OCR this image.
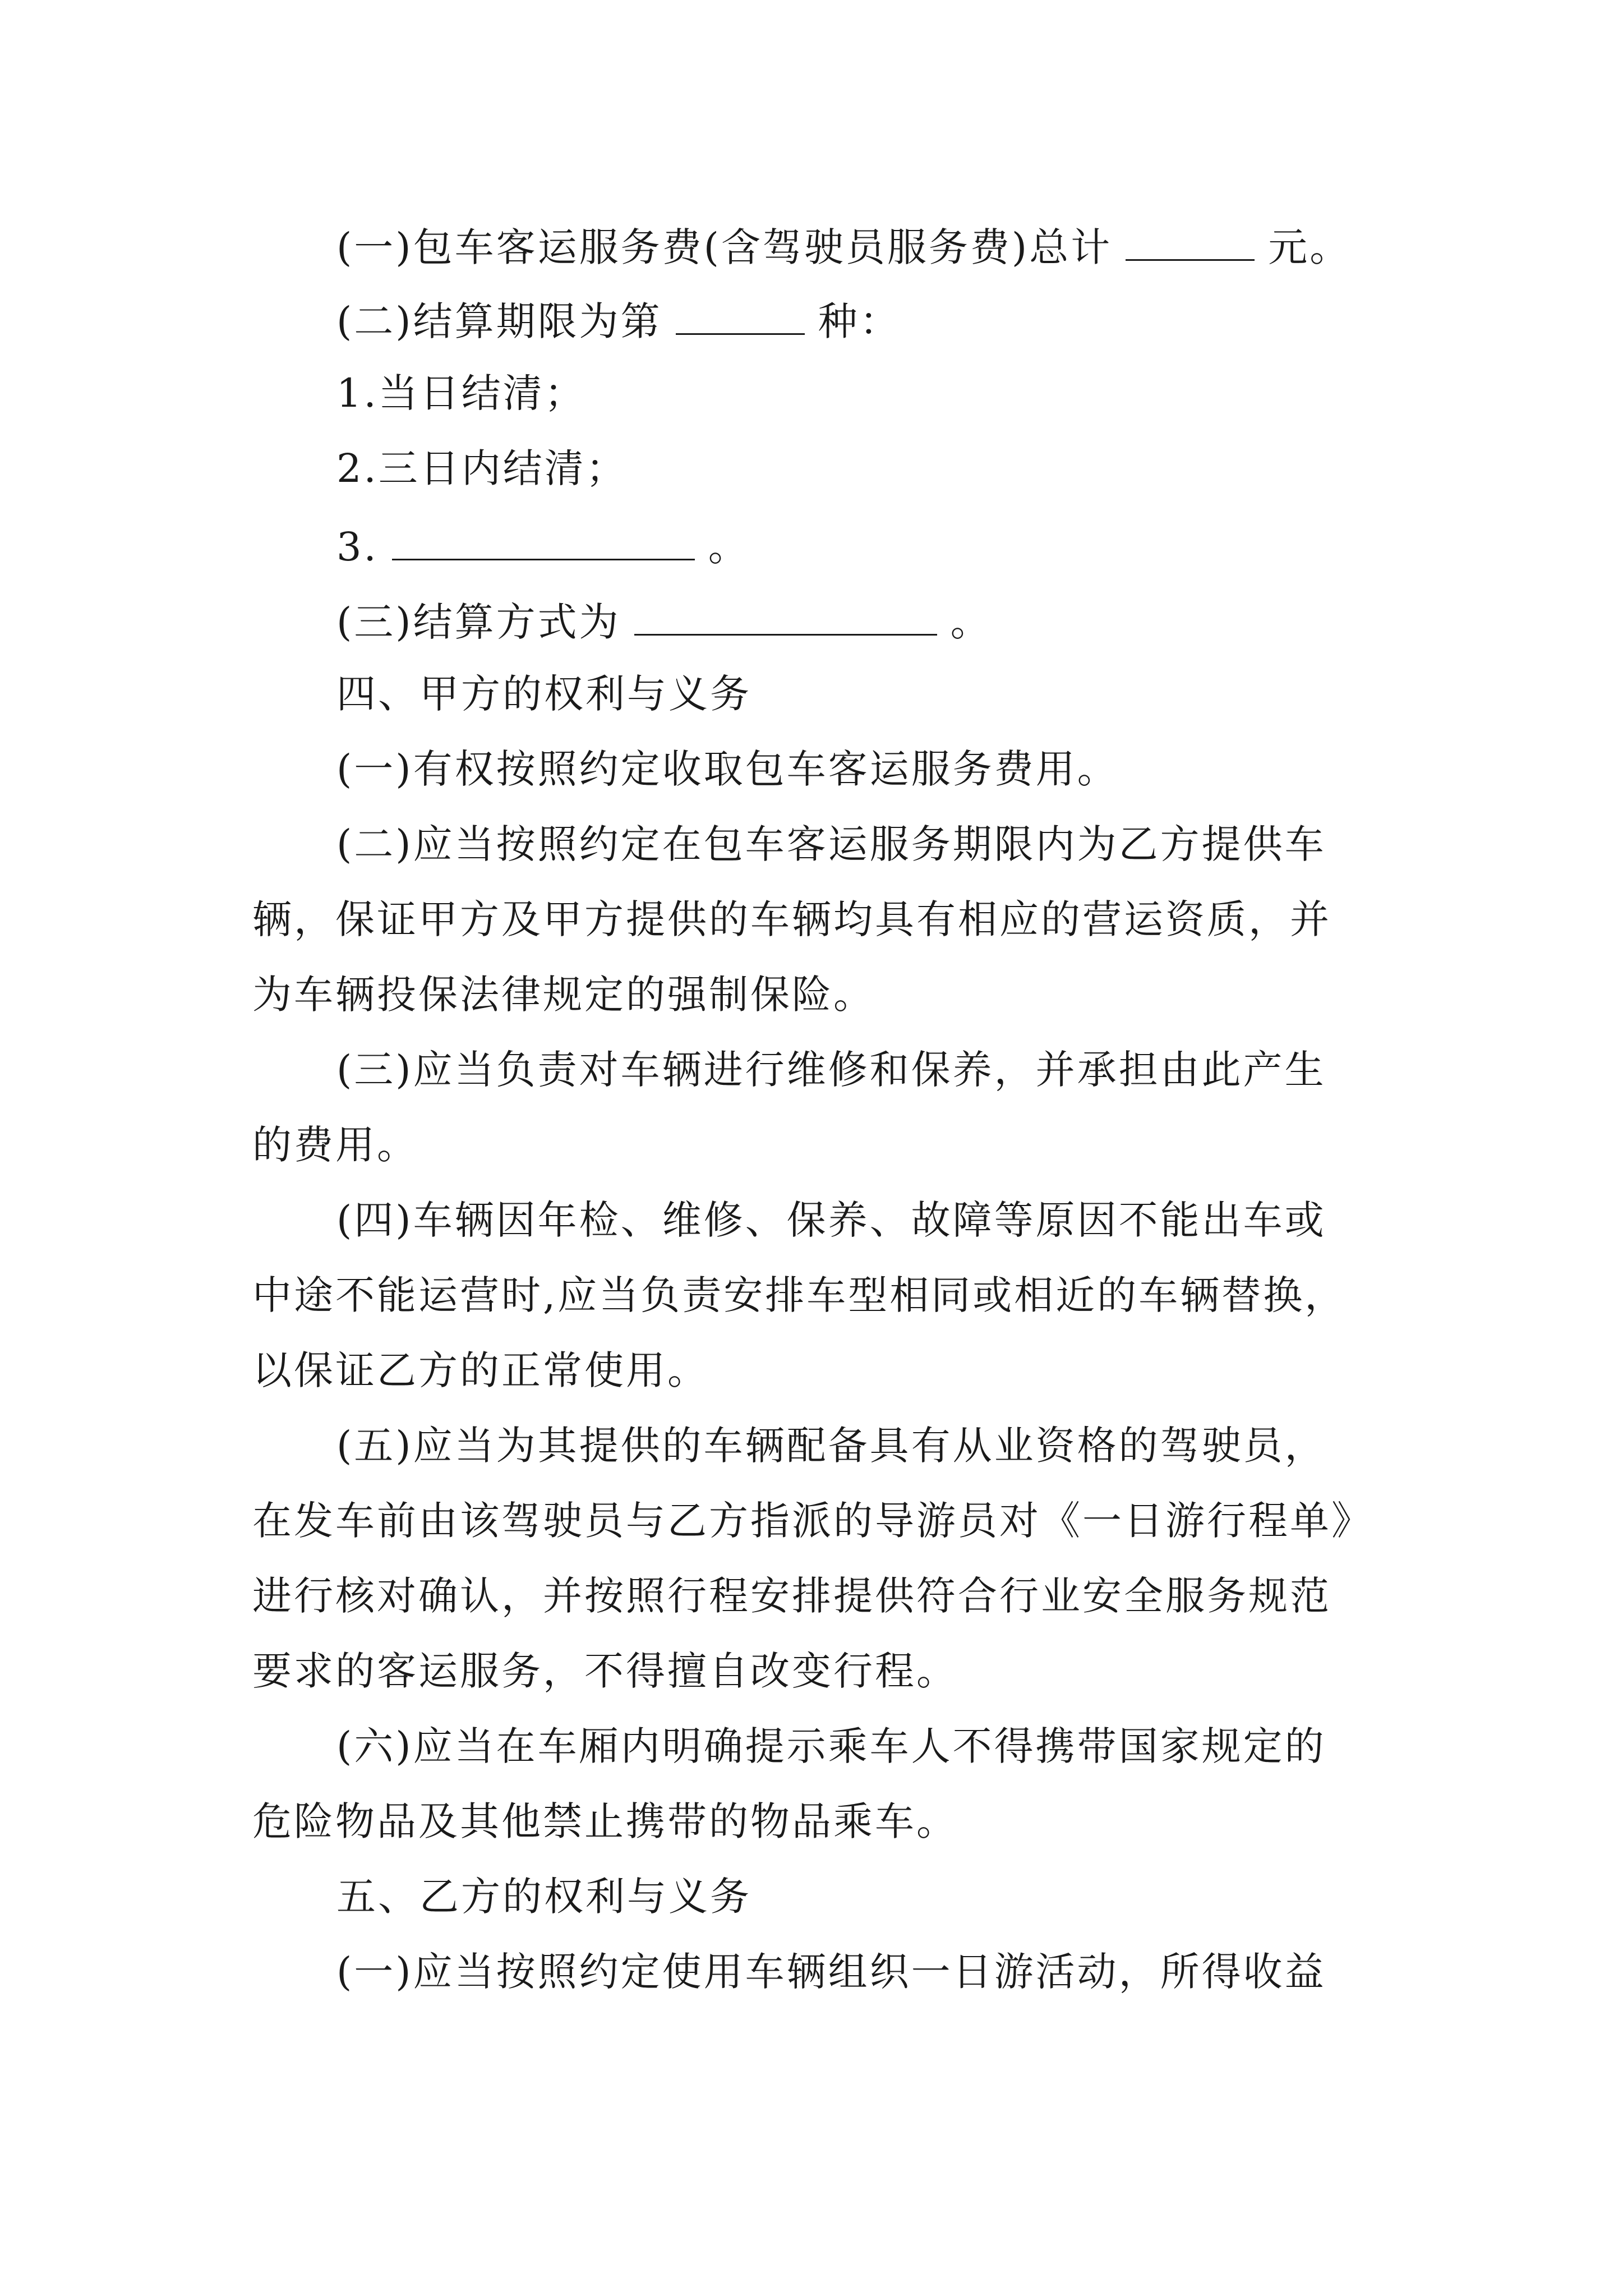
(一)包车客运服务费(含驾驶员服务费)总计	元。
(二)结算期限为第	种：
1.当日结清；
2.三日内结清；
3.	。
(三)结算方式为	。
四、甲方的权利与义务
(一)有权按照约定收取包车客运服务费用。
(二)应当按照约定在包车客运服务期限内为乙方提供车
辆，保证甲方及甲方提供的车辆均具有相应的营运资质，并
为车辆投保法律规定的强制保险。
(三)应当负责对车辆进行维修和保养，并承担由此产生
的费用。
(四)车辆因年检、维修、保养、故障等原因不能出车或
中途不能运营时,应当负责安排车型相同或相近的车辆替换，
以保证乙方的正常使用。
(五)应当为其提供的车辆配备具有从业资格的驾驶员，
在发车前由该驾驶员与乙方指派的导游员对《一日游行程单》
进行核对确认，并按照行程安排提供符合行业安全服务规范
要求的客运服务，不得擅自改变行程。
(六)应当在车厢内明确提示乘车人不得携带国家规定的
危险物品及其他禁止携带的物品乘车。
五、乙方的权利与义务
(一)应当按照约定使用车辆组织一日游活动，所得收益
